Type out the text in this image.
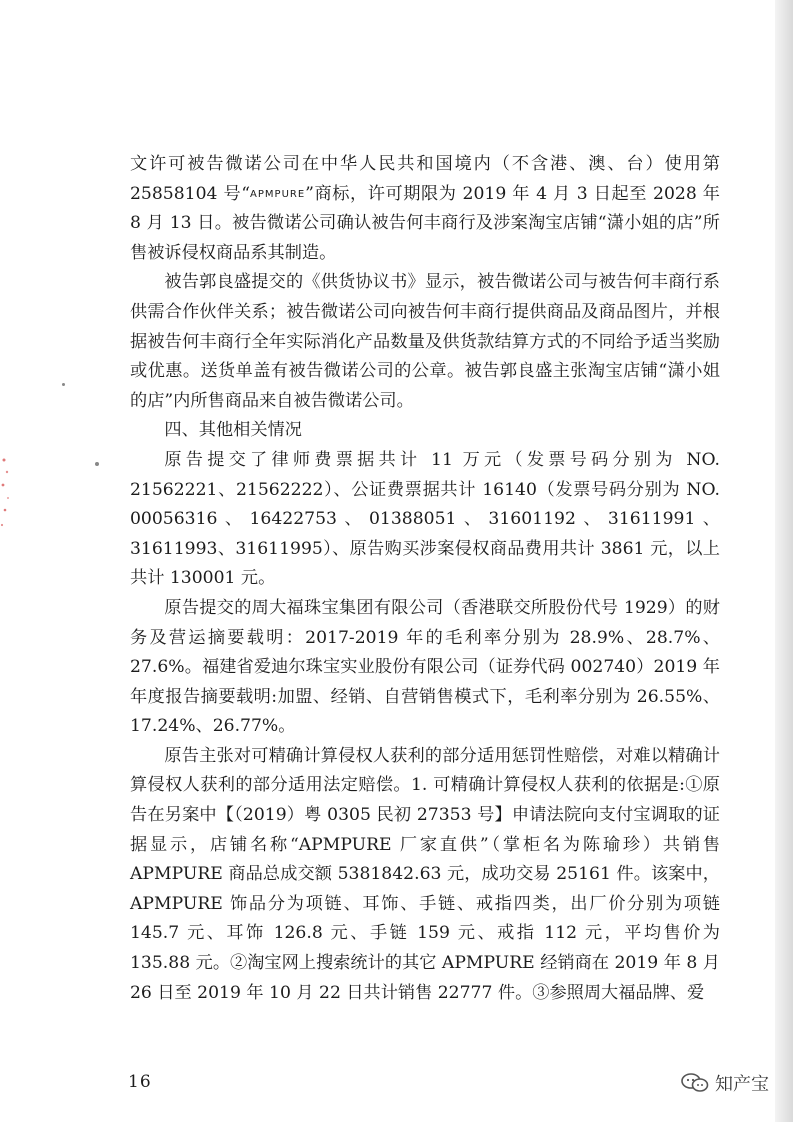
文许可被告微诺公司在中华人民共和国境内（不含港、澳、台）使用第 25858104 号“APMPURE”商标，许可期限为 2019 年 4 月 3 日起至 2028 年 8 月 13 日。被告微诺公司确认被告何丰商行及涉案淘宝店铺“潇小姐的店”所售被诉侵权商品系其制造。

被告郭良盛提交的《供货协议书》显示，被告微诺公司与被告何丰商行系供需合作伙伴关系；被告微诺公司向被告何丰商行提供商品及商品图片，并根据被告何丰商行全年实际消化产品数量及供货款结算方式的不同给予适当奖励或优惠。送货单盖有被告微诺公司的公章。被告郭良盛主张淘宝店铺“潇小姐的店”内所售商品来自被告微诺公司。

四、其他相关情况

原告提交了律师费票据共计 11 万元（发票号码分别为 NO. 21562221、21562222）、公证费票据共计 16140（发票号码分别为 NO. 00056316、16422753、01388051、31601192、31611991、31611993、31611995）、原告购买涉案侵权商品费用共计 3861 元，以上共计 130001 元。

原告提交的周大福珠宝集团有限公司（香港联交所股份代号 1929）的财务及营运摘要载明：2017-2019 年的毛利率分别为 28.9%、28.7%、27.6%。福建省爱迪尔珠宝实业股份有限公司（证券代码 002740）2019 年年度报告摘要载明:加盟、经销、自营销售模式下，毛利率分别为 26.55%、17.24%、26.77%。

原告主张对可精确计算侵权人获利的部分适用惩罚性赔偿，对难以精确计算侵权人获利的部分适用法定赔偿。1. 可精确计算侵权人获利的依据是:①原告在另案中【（2019）粤 0305 民初 27353 号】申请法院向支付宝调取的证据显示，店铺名称“APMPURE 厂家直供”（掌柜名为陈瑜珍）共销售 APMPURE 商品总成交额 5381842.63 元，成功交易 25161 件。该案中，APMPURE 饰品分为项链、耳饰、手链、戒指四类，出厂价分别为项链 145.7 元、耳饰 126.8 元、手链 159 元、戒指 112 元，平均售价为 135.88 元。②淘宝网上搜索统计的其它 APMPURE 经销商在 2019 年 8 月 26 日至 2019 年 10 月 22 日共计销售 22777 件。③参照周大福品牌、爱

16	知产宝
